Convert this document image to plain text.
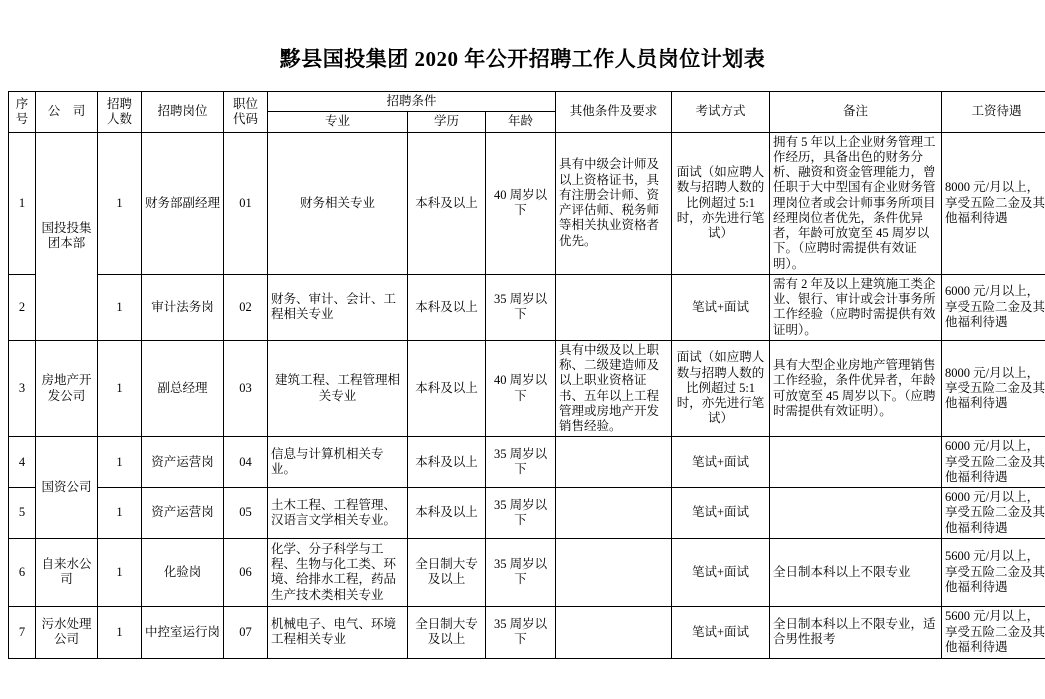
黟县国投集团 2020 年公开招聘工作人员岗位计划表
序号	公　司	招聘人数	招聘岗位	职位代码	招聘条件			其他条件及要求	考试方式	备注	工资待遇
					专业	学历	年龄				
1	国投投集团本部	1	财务部副经理	01	财务相关专业	本科及以上	40 周岁以下	具有中级会计师及以上资格证书，具有注册会计师、资产评估师、税务师等相关执业资格者优先。	面试（如应聘人数与招聘人数的比例超过 5:1 时，亦先进行笔试）	拥有 5 年以上企业财务管理工作经历，具备出色的财务分析、融资和资金管理能力，曾任职于大中型国有企业财务管理岗位者或会计师事务所项目经理岗位者优先，条件优异者，年龄可放宽至 45 周岁以下。（应聘时需提供有效证明）。	8000 元/月以上，享受五险二金及其他福利待遇
2		1	审计法务岗	02	财务、审计、会计、工程相关专业	本科及以上	35 周岁以下		笔试+面试	需有 2 年及以上建筑施工类企业、银行、审计或会计事务所工作经验（应聘时需提供有效证明）。	6000 元/月以上，享受五险二金及其他福利待遇
3	房地产开发公司	1	副总经理	03	建筑工程、工程管理相关专业	本科及以上	40 周岁以下	具有中级及以上职称、二级建造师及以上职业资格证书、五年以上工程管理或房地产开发销售经验。	面试（如应聘人数与招聘人数的比例超过 5:1 时，亦先进行笔试）	具有大型企业房地产管理销售工作经验，条件优异者，年龄可放宽至 45 周岁以下。（应聘时需提供有效证明）。	8000 元/月以上，享受五险二金及其他福利待遇
4	国资公司	1	资产运营岗	04	信息与计算机相关专业。	本科及以上	35 周岁以下		笔试+面试		6000 元/月以上，享受五险二金及其他福利待遇
5		1	资产运营岗	05	土木工程、工程管理、汉语言文学相关专业。	本科及以上	35 周岁以下		笔试+面试		6000 元/月以上，享受五险二金及其他福利待遇
6	自来水公司	1	化验岗	06	化学、分子科学与工程、生物与化工类、环境、给排水工程，药品生产技术类相关专业	全日制大专及以上	35 周岁以下		笔试+面试	全日制本科以上不限专业	5600 元/月以上，享受五险二金及其他福利待遇
7	污水处理公司	1	中控室运行岗	07	机械电子、电气、环境工程相关专业	全日制大专及以上	35 周岁以下		笔试+面试	全日制本科以上不限专业，适合男性报考	5600 元/月以上，享受五险二金及其他福利待遇
